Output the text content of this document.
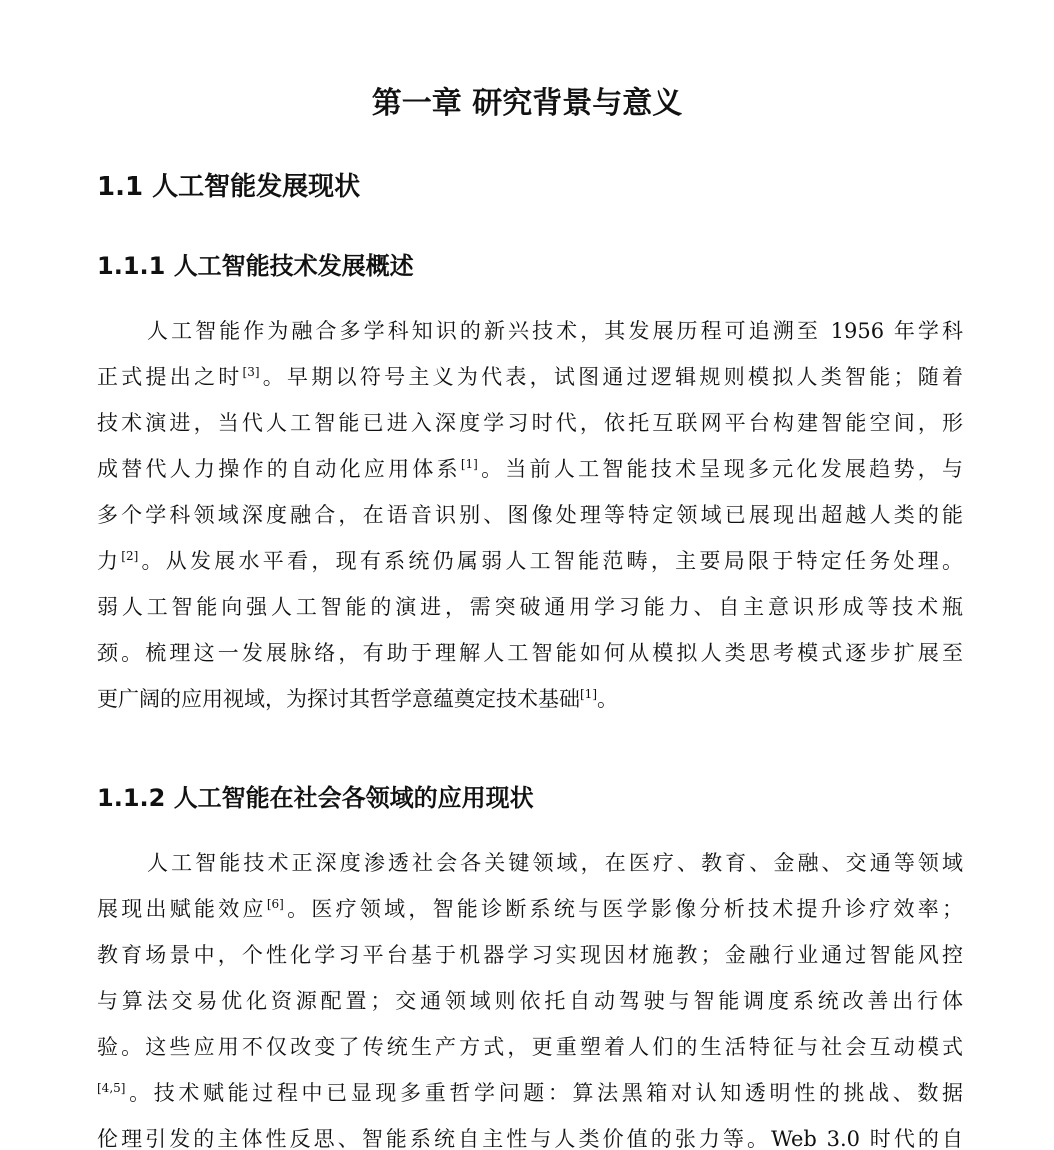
第一章 研究背景与意义
1.1 人工智能发展现状
1.1.1 人工智能技术发展概述
人工智能作为融合多学科知识的新兴技术，其发展历程可追溯至 1956 年学科
正式提出之时[3]。早期以符号主义为代表，试图通过逻辑规则模拟人类智能；随着
技术演进，当代人工智能已进入深度学习时代，依托互联网平台构建智能空间，形
成替代人力操作的自动化应用体系[1]。当前人工智能技术呈现多元化发展趋势，与
多个学科领域深度融合，在语音识别、图像处理等特定领域已展现出超越人类的能
力[2]。从发展水平看，现有系统仍属弱人工智能范畴，主要局限于特定任务处理。
弱人工智能向强人工智能的演进，需突破通用学习能力、自主意识形成等技术瓶
颈。梳理这一发展脉络，有助于理解人工智能如何从模拟人类思考模式逐步扩展至
更广阔的应用视域，为探讨其哲学意蕴奠定技术基础[1]。
1.1.2 人工智能在社会各领域的应用现状
人工智能技术正深度渗透社会各关键领域，在医疗、教育、金融、交通等领域
展现出赋能效应[6]。医疗领域，智能诊断系统与医学影像分析技术提升诊疗效率；
教育场景中，个性化学习平台基于机器学习实现因材施教；金融行业通过智能风控
与算法交易优化资源配置；交通领域则依托自动驾驶与智能调度系统改善出行体
验。这些应用不仅改变了传统生产方式，更重塑着人们的生活特征与社会互动模式
[4,5]。技术赋能过程中已显现多重哲学问题：算法黑箱对认知透明性的挑战、数据
伦理引发的主体性反思、智能系统自主性与人类价值的张力等。Web 3.0 时代的自
